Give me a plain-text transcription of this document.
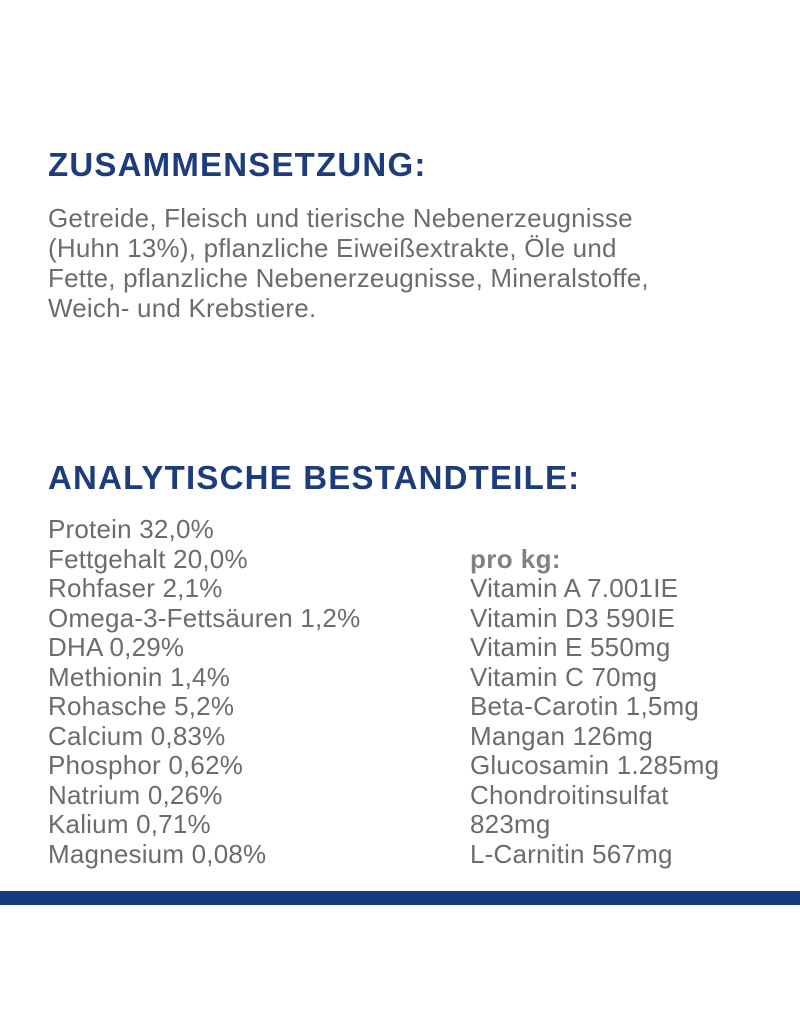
ZUSAMMENSETZUNG:
Getreide, Fleisch und tierische Nebenerzeugnisse
(Huhn 13%), pflanzliche Eiweißextrakte, Öle und
Fette, pflanzliche Nebenerzeugnisse, Mineralstoffe,
Weich- und Krebstiere.
ANALYTISCHE BESTANDTEILE:
Protein 32,0%
Fettgehalt 20,0%
Rohfaser 2,1%
Omega-3-Fettsäuren 1,2%
DHA 0,29%
Methionin 1,4%
Rohasche 5,2%
Calcium 0,83%
Phosphor 0,62%
Natrium 0,26%
Kalium 0,71%
Magnesium 0,08%
pro kg:
Vitamin A 7.001IE
Vitamin D3 590IE
Vitamin E 550mg
Vitamin C 70mg
Beta-Carotin 1,5mg
Mangan 126mg
Glucosamin 1.285mg
Chondroitinsulfat
823mg
L-Carnitin 567mg
